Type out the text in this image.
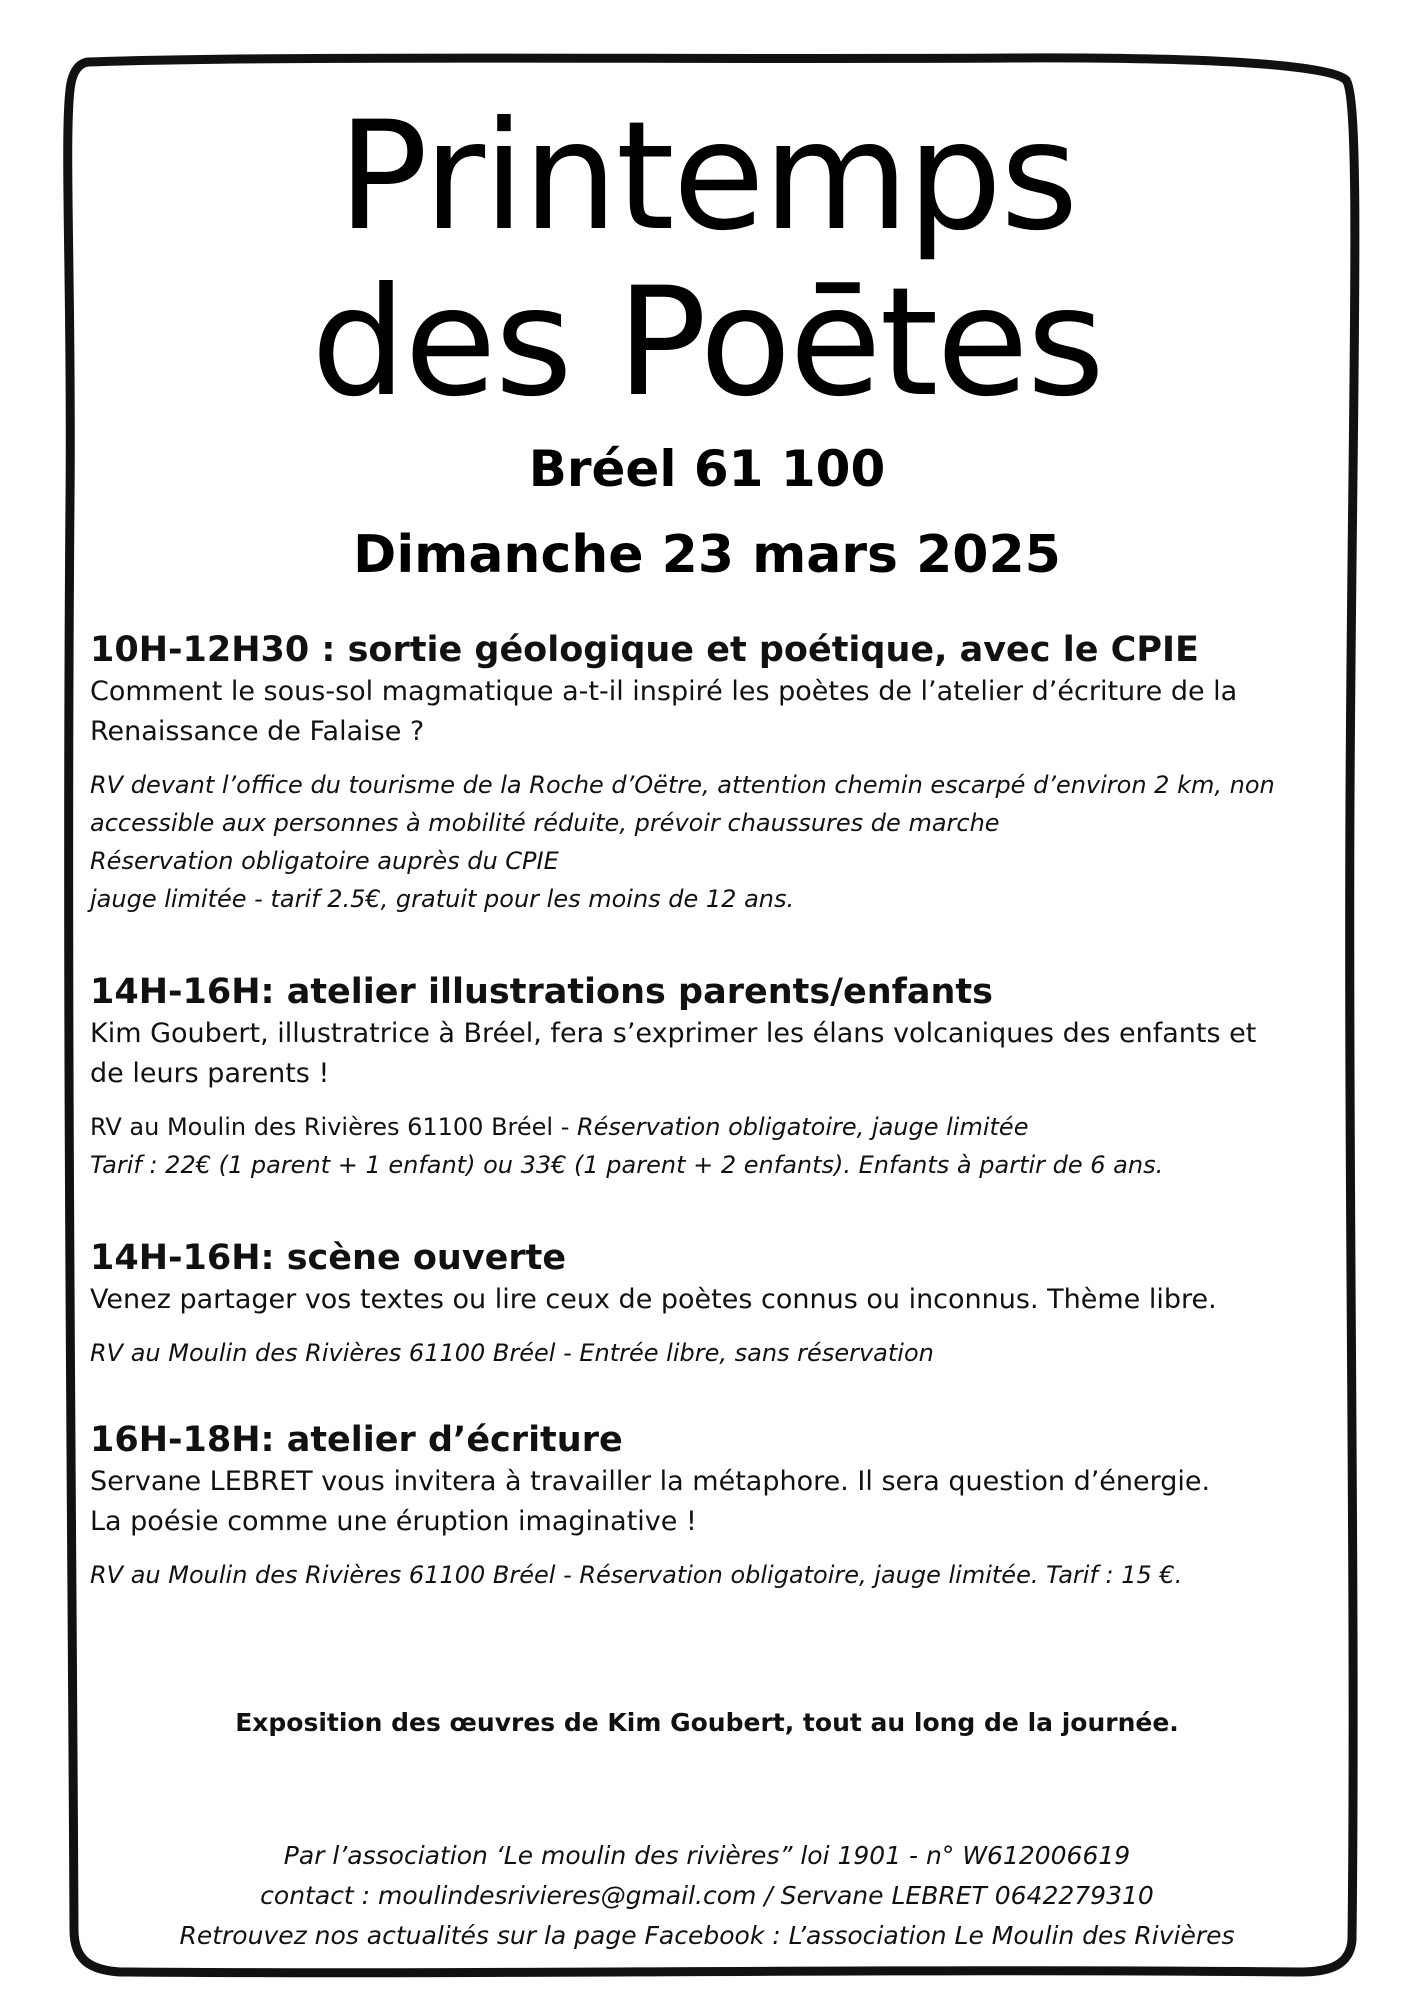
Printemps
des Poētes
Bréel 61 100
Dimanche 23 mars 2025

10H-12H30 : sortie géologique et poétique, avec le CPIE

Comment le sous-sol magmatique a-t-il inspiré les poètes de l’atelier d’écriture de la
Renaissance de Falaise ?

RV devant l’office du tourisme de la Roche d’Oëtre, attention chemin escarpé d’environ 2 km, non
accessible aux personnes à mobilité réduite, prévoir chaussures de marche
Réservation obligatoire auprès du CPIE
jauge limitée - tarif 2.5€, gratuit pour les moins de 12 ans.

14H-16H: atelier illustrations parents/enfants

Kim Goubert, illustratrice à Bréel, fera s’exprimer les élans volcaniques des enfants et
de leurs parents !

RV au Moulin des Rivières 61100 Bréel - Réservation obligatoire, jauge limitée
Tarif : 22€ (1 parent + 1 enfant) ou 33€ (1 parent + 2 enfants). Enfants à partir de 6 ans.

14H-16H: scène ouverte

Venez partager vos textes ou lire ceux de poètes connus ou inconnus. Thème libre.

RV au Moulin des Rivières 61100 Bréel - Entrée libre, sans réservation

16H-18H: atelier d’écriture

Servane LEBRET vous invitera à travailler la métaphore. Il sera question d’énergie.
La poésie comme une éruption imaginative !

RV au Moulin des Rivières 61100 Bréel - Réservation obligatoire, jauge limitée. Tarif : 15 €.

Exposition des œuvres de Kim Goubert, tout au long de la journée.
Par l’association ‘Le moulin des rivières” loi 1901 - n° W612006619
contact : moulindesrivieres@gmail.com / Servane LEBRET 0642279310
Retrouvez nos actualités sur la page Facebook : L’association Le Moulin des Rivières
